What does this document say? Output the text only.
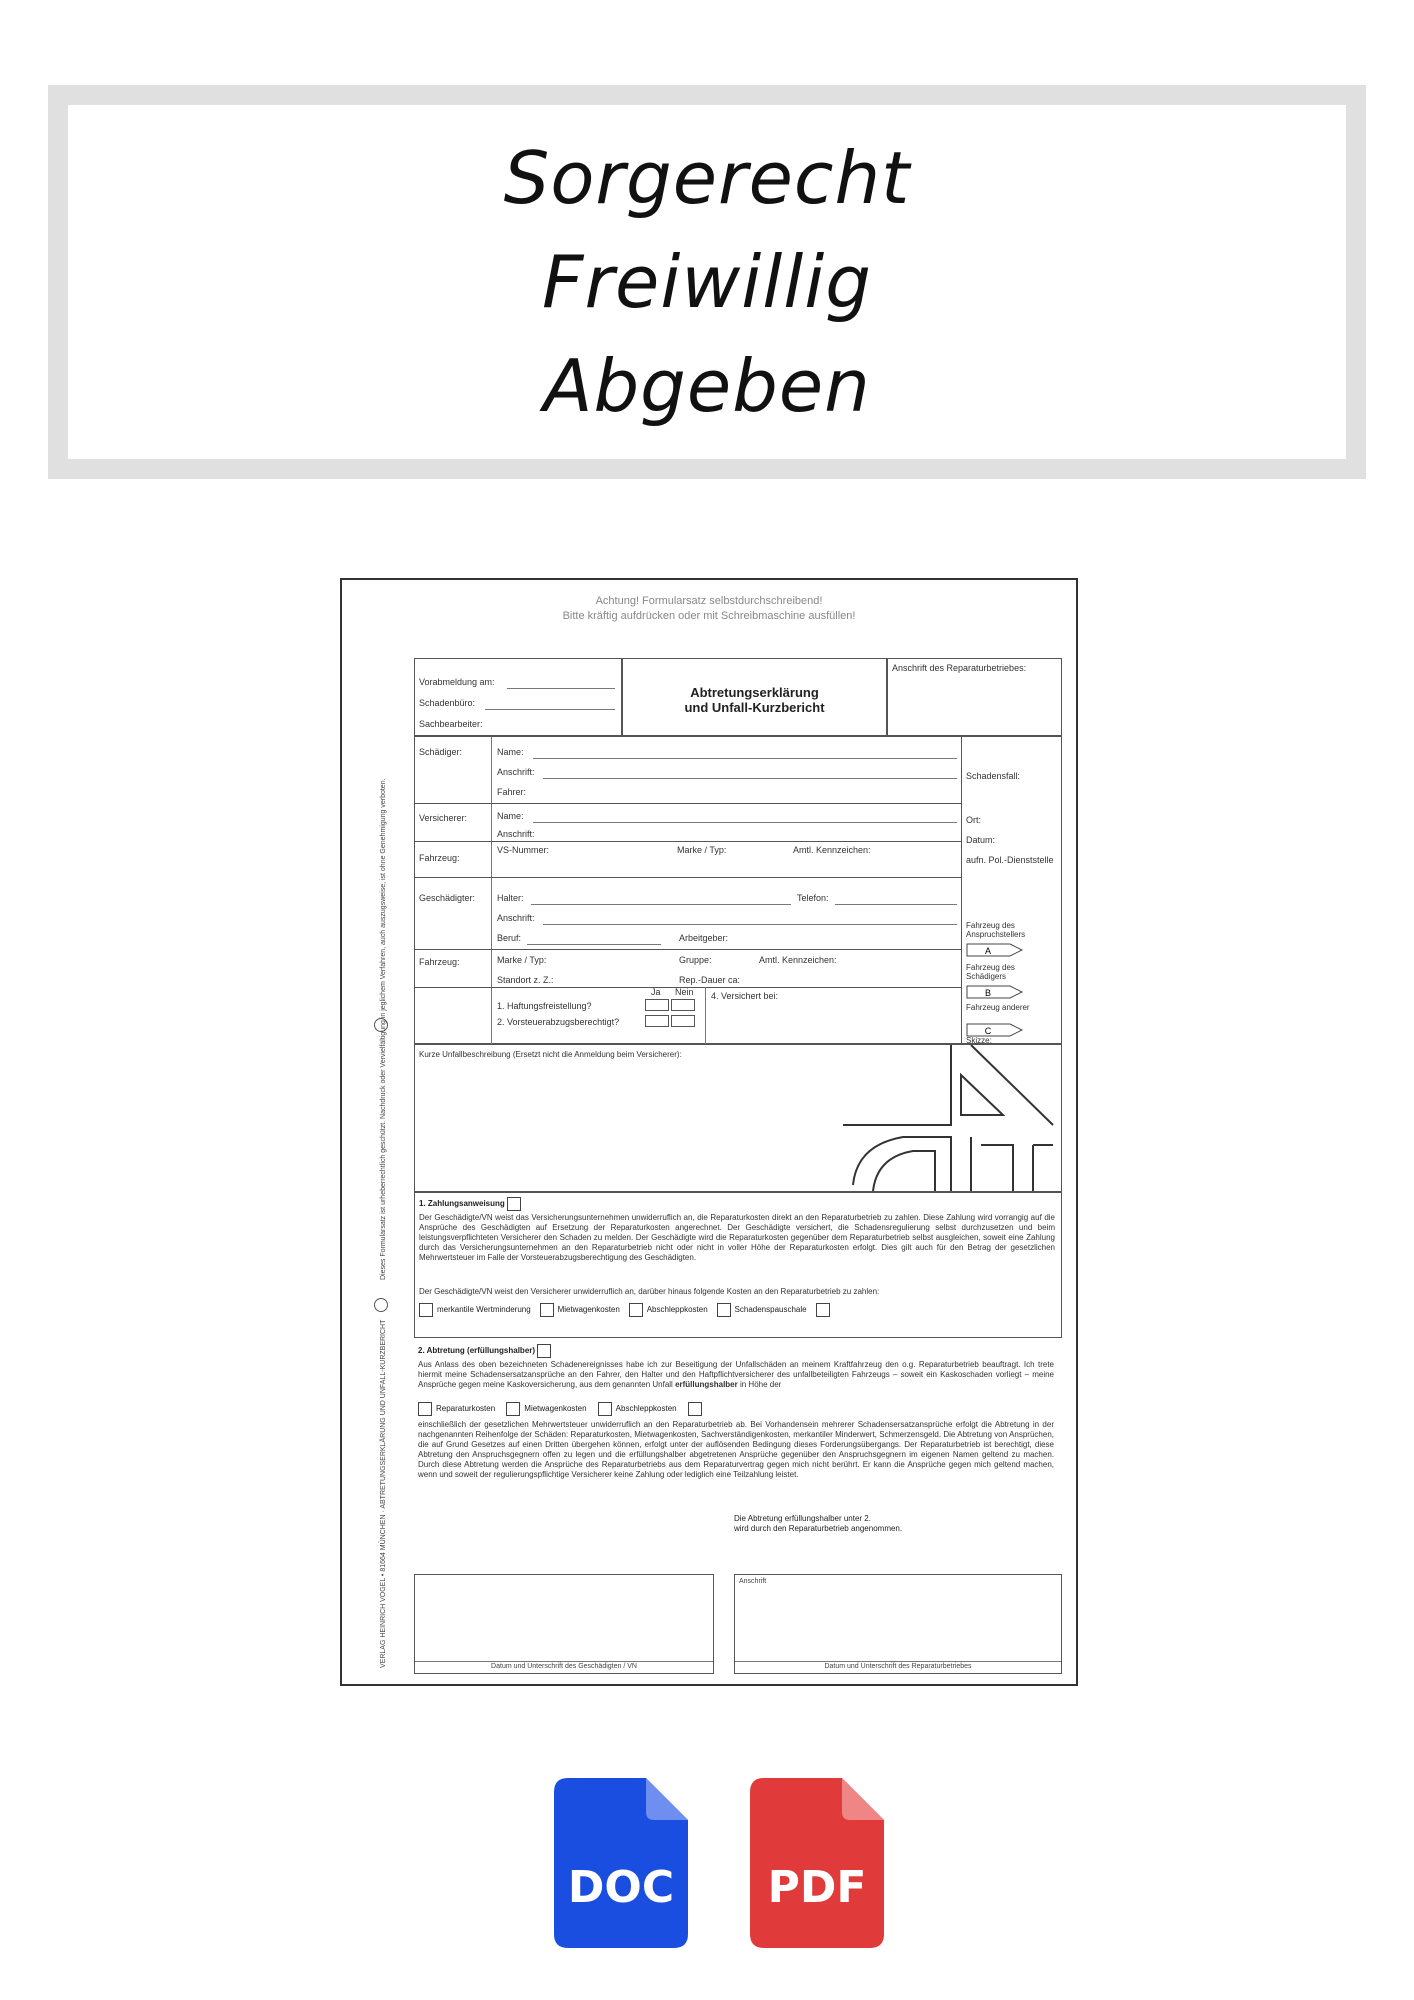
Sorgerecht
Freiwillig
Abgeben
Achtung! Formularsatz selbstdurchschreibend!
Bitte kräftig aufdrücken oder mit Schreibmaschine ausfüllen!
Dieses Formularsatz ist urheberrechtlich geschützt. Nachdruck oder Vervielfältigung in jeglichem Verfahren, auch auszugsweise, ist ohne Genehmigung verboten.
VERLAG HEINRICH VOGEL • 81664 MÜNCHEN · ABTRETUNGSERKLÄRUNG UND UNFALL-KURZBERICHT
Vorabmeldung am:
Schadenbüro:
Sachbearbeiter:
Abtretungserklärung
und Unfall-Kurzbericht
Anschrift des Reparaturbetriebes:
Schädiger:	Name:
Anschrift:
Fahrer:
Versicherer:	Name:
Anschrift:
Fahrzeug:
VS-Nummer:	Marke / Typ:	Amtl. Kennzeichen:
Geschädigter: Halter:	Telefon:
Anschrift:
Beruf:	Arbeitgeber:
Fahrzeug:	Marke / Typ:	Gruppe:	Amtl. Kennzeichen:
Standort z. Z.:	Rep.-Dauer ca:
Ja Nein
1. Haftungsfreistellung?
2. Vorsteuerabzugsberechtigt?
4. Versichert bei:
Schadensfall:
Ort:
Datum:
aufn. Pol.-Dienststelle
Fahrzeug des Anspruchstellers
A
Fahrzeug des Schädigers
B
Fahrzeug anderer
C
Skizze:
Kurze Unfallbeschreibung (Ersetzt nicht die Anmeldung beim Versicherer):
1. Zahlungsanweisung
Der Geschädigte/VN weist das Versicherungsunternehmen unwiderruflich an, die Reparaturkosten direkt an den Reparaturbetrieb zu zahlen. Diese Zahlung wird vorrangig auf die Ansprüche des Geschädigten auf Ersetzung der Reparaturkosten angerechnet. Der Geschädigte versichert, die Schadensregulierung selbst durchzusetzen und beim leistungsverpflichteten Versicherer den Schaden zu melden. Der Geschädigte wird die Reparaturkosten gegenüber dem Reparaturbetrieb selbst ausgleichen, soweit eine Zahlung durch das Versicherungsunternehmen an den Reparaturbetrieb nicht oder nicht in voller Höhe der Reparaturkosten erfolgt. Dies gilt auch für den Betrag der gesetzlichen Mehrwertsteuer im Falle der Vorsteuerabzugsberechtigung des Geschädigten.
Der Geschädigte/VN weist den Versicherer unwiderruflich an, darüber hinaus folgende Kosten an den Reparaturbetrieb zu zahlen:
merkantile Wertminderung	Mietwagenkosten	Abschleppkosten	Schadenspauschale
2. Abtretung (erfüllungshalber)
Aus Anlass des oben bezeichneten Schadenereignisses habe ich zur Beseitigung der Unfallschäden an meinem Kraftfahrzeug den o.g. Reparaturbetrieb beauftragt. Ich trete hiermit meine Schadensersatzansprüche an den Fahrer, den Halter und den Haftpflichtversicherer des unfallbeteiligten Fahrzeugs – soweit ein Kaskoschaden vorliegt – meine Ansprüche gegen meine Kaskoversicherung, aus dem genannten Unfall erfüllungshalber in Höhe der
Reparaturkosten	Mietwagenkosten	Abschleppkosten
einschließlich der gesetzlichen Mehrwertsteuer unwiderruflich an den Reparaturbetrieb ab. Bei Vorhandensein mehrerer Schadensersatzansprüche erfolgt die Abtretung in der nachgenannten Reihenfolge der Schäden: Reparaturkosten, Mietwagenkosten, Sachverständigenkosten, merkantiler Minderwert, Schmerzensgeld. Die Abtretung von Ansprüchen, die auf Grund Gesetzes auf einen Dritten übergehen können, erfolgt unter der auflösenden Bedingung dieses Forderungsübergangs. Der Reparaturbetrieb ist berechtigt, diese Abtretung den Anspruchsgegnern offen zu legen und die erfüllungshalber abgetretenen Ansprüche gegenüber den Anspruchsgegnern im eigenen Namen geltend zu machen. Durch diese Abtretung werden die Ansprüche des Reparaturbetriebs aus dem Reparaturvertrag gegen mich nicht berührt. Er kann die Ansprüche gegen mich geltend machen, wenn und soweit der regulierungspflichtige Versicherer keine Zahlung oder lediglich eine Teilzahlung leistet.
Die Abtretung erfüllungshalber unter 2.
wird durch den Reparaturbetrieb angenommen.
Datum und Unterschrift des Geschädigten / VN
Anschrift
Datum und Unterschrift des Reparaturbetriebes
DOC	PDF
